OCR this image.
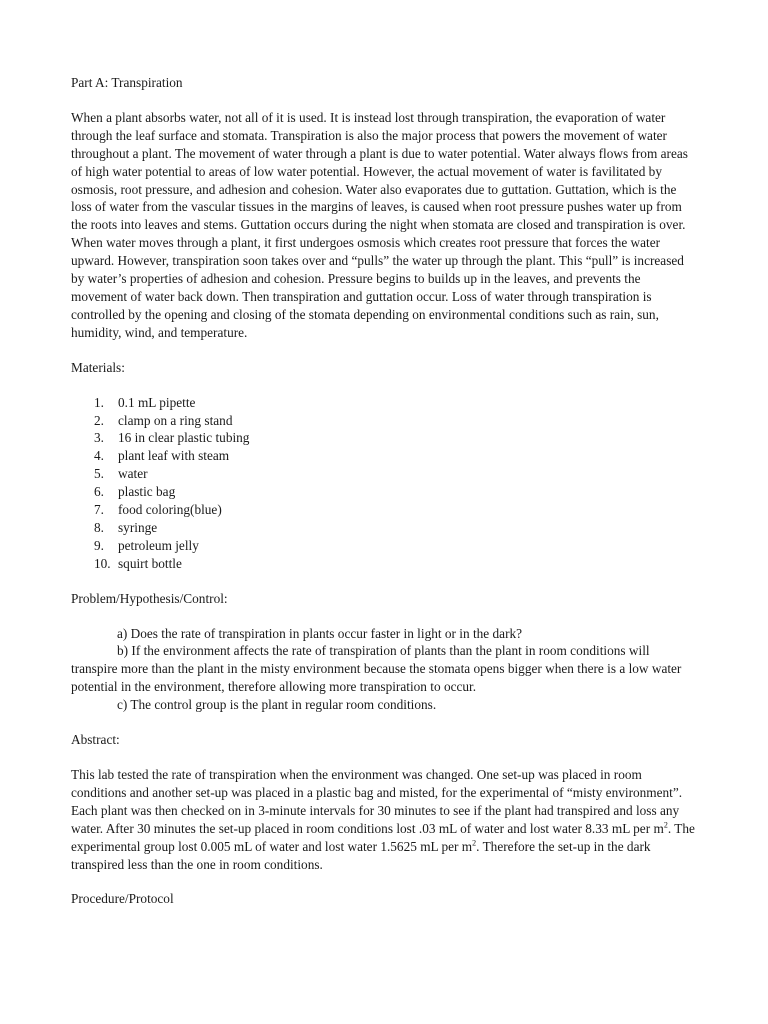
Part A: Transpiration
When a plant absorbs water, not all of it is used. It is instead lost through transpiration, the evaporation of water through the leaf surface and stomata. Transpiration is also the major process that powers the movement of water throughout a plant. The movement of water through a plant is due to water potential. Water always flows from areas of high water potential to areas of low water potential. However, the actual movement of water is favilitated by osmosis, root pressure, and adhesion and cohesion. Water also evaporates due to guttation. Guttation, which is the loss of water from the vascular tissues in the margins of leaves, is caused when root pressure pushes water up from the roots into leaves and stems. Guttation occurs during the night when stomata are closed and transpiration is over. When water moves through a plant, it first undergoes osmosis which creates root pressure that forces the water upward. However, transpiration soon takes over and “pulls” the water up through the plant. This “pull” is increased by water’s properties of adhesion and cohesion. Pressure begins to builds up in the leaves, and prevents the movement of water back down. Then transpiration and guttation occur. Loss of water through transpiration is controlled by the opening and closing of the stomata depending on environmental conditions such as rain, sun, humidity, wind, and temperature.
Materials:
1.	0.1 mL pipette
2.	clamp on a ring stand
3.	16 in clear plastic tubing
4.	plant leaf with steam
5.	water
6.	plastic bag
7.	food coloring(blue)
8.	syringe
9.	petroleum jelly
10. squirt bottle
Problem/Hypothesis/Control:
a) Does the rate of transpiration in plants occur faster in light or in the dark?
b) If the environment affects the rate of transpiration of plants than the plant in room conditions will transpire more than the plant in the misty environment because the stomata opens bigger when there is a low water potential in the environment, therefore allowing more transpiration to occur.
c) The control group is the plant in regular room conditions.
Abstract:
This lab tested the rate of transpiration when the environment was changed. One set-up was placed in room conditions and another set-up was placed in a plastic bag and misted, for the experimental of “misty environment”. Each plant was then checked on in 3-minute intervals for 30 minutes to see if the plant had transpired and loss any water. After 30 minutes the set-up placed in room conditions lost .03 mL of water and lost water 8.33 mL per $m^2$. The experimental group lost 0.005 mL of water and lost water 1.5625 mL per $m^2$. Therefore the set-up in the dark transpired less than the one in room conditions.
Procedure/Protocol
